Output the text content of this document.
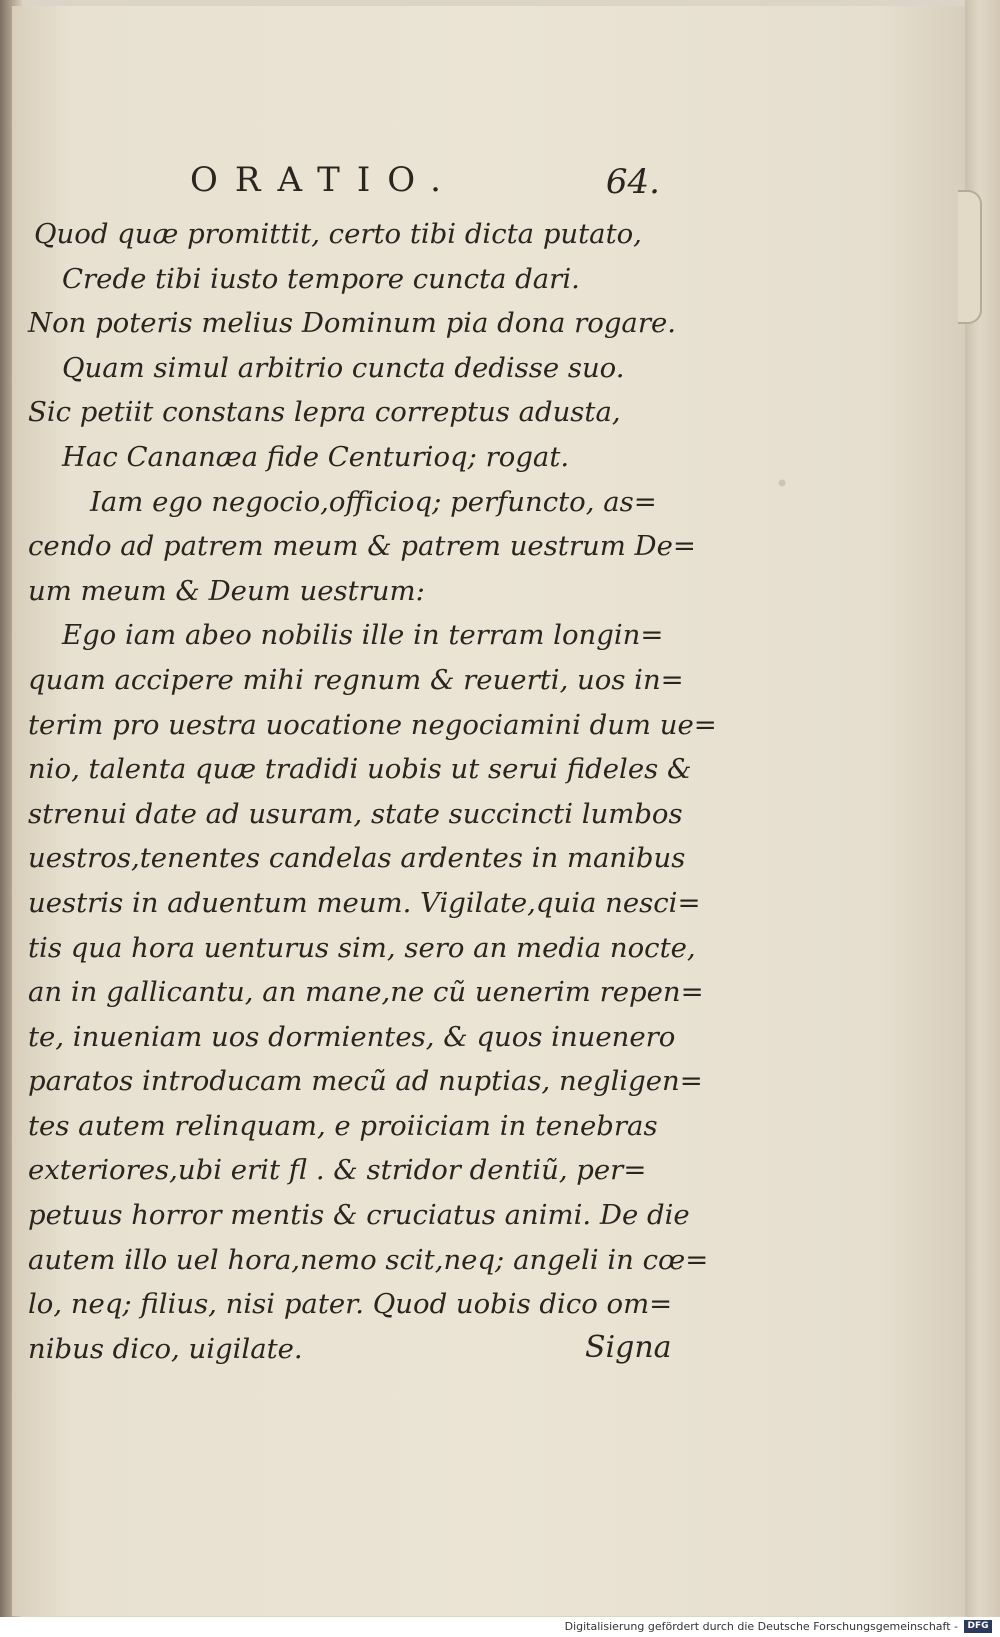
•
ORATIO.	64.
Quod quæ promittit, certo tibi dicta putato,
Crede tibi iusto tempore cuncta dari.
Non poteris melius Dominum pia dona rogare.
Quam simul arbitrio cuncta dedisse suo.
Sic petiit constans lepra correptus adusta,
Hac Cananæa fide Centurioq; rogat.
Iam ego negocio,officioq; perfuncto, as=
cendo ad patrem meum & patrem uestrum De=
um meum & Deum uestrum:
Ego iam abeo nobilis ille in terram longin=
quam accipere mihi regnum & reuerti, uos in=
terim pro uestra uocatione negociamini dum ue=
nio, talenta quæ tradidi uobis ut serui fideles &
strenui date ad usuram, state succincti lumbos
uestros,tenentes candelas ardentes in manibus
uestris in aduentum meum. Vigilate,quia nesci=
tis qua hora uenturus sim, sero an media nocte,
an in gallicantu, an mane,ne cũ uenerim repen=
te, inueniam uos dormientes, & quos inuenero
paratos introducam mecũ ad nuptias, negligen=
tes autem relinquam, e proiiciam in tenebras
exteriores,ubi erit fl . & stridor dentiũ, per=
petuus horror mentis & cruciatus animi. De die
autem illo uel hora,nemo scit,neq; angeli in cœ=
lo, neq; filius, nisi pater. Quod uobis dico om=
nibus dico, uigilate.	Signa
Digitalisierung gefördert durch die Deutsche Forschungsgemeinschaft -	DFG
